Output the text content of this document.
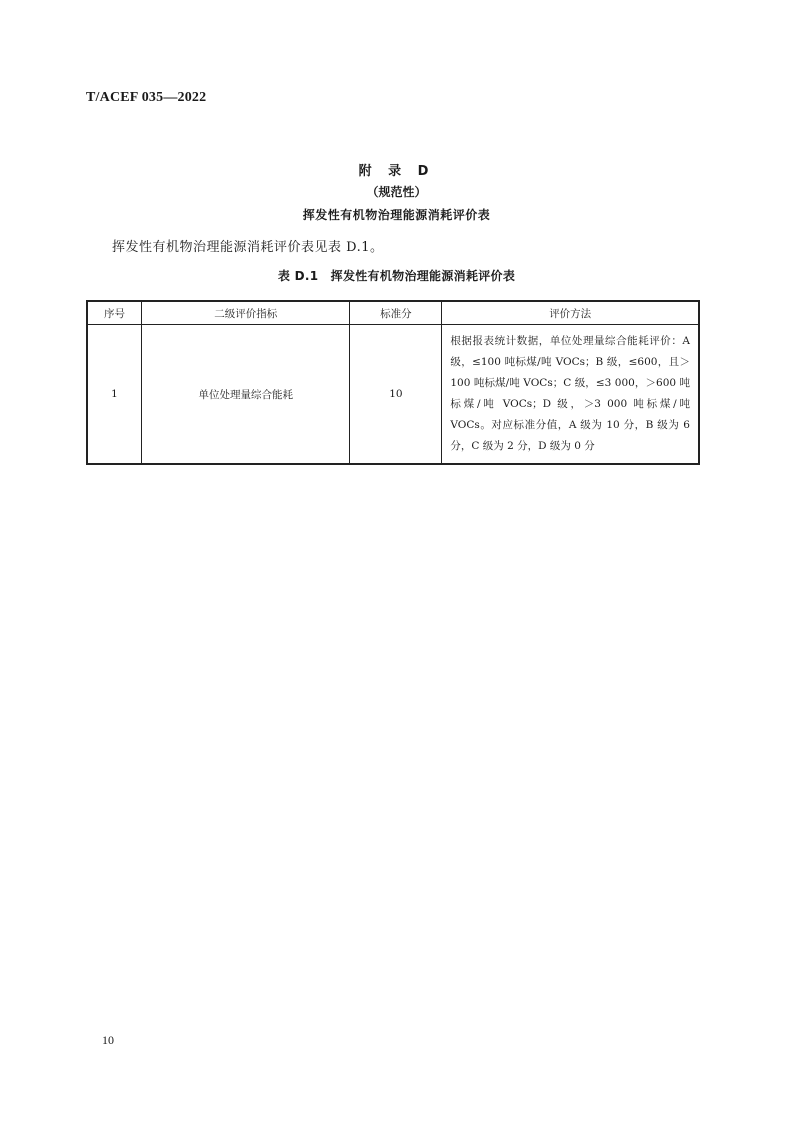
T/ACEF 035—2022
附 录 D
（规范性）
挥发性有机物治理能源消耗评价表
挥发性有机物治理能源消耗评价表见表 D.1。
表 D.1　挥发性有机物治理能源消耗评价表
序号	二级评价指标	标准分	评价方法
1	单位处理量综合能耗	10	根据报表统计数据，单位处理量综合能耗评价：A 级，≤100 吨标煤/吨 VOCs；B 级，≤600，且＞100 吨标煤/吨 VOCs；C 级，≤3 000，＞600 吨标煤/吨 VOCs；D 级，＞3 000 吨标煤/吨 VOCs。对应标准分值，A 级为 10 分，B 级为 6 分，C 级为 2 分，D 级为 0 分
10
